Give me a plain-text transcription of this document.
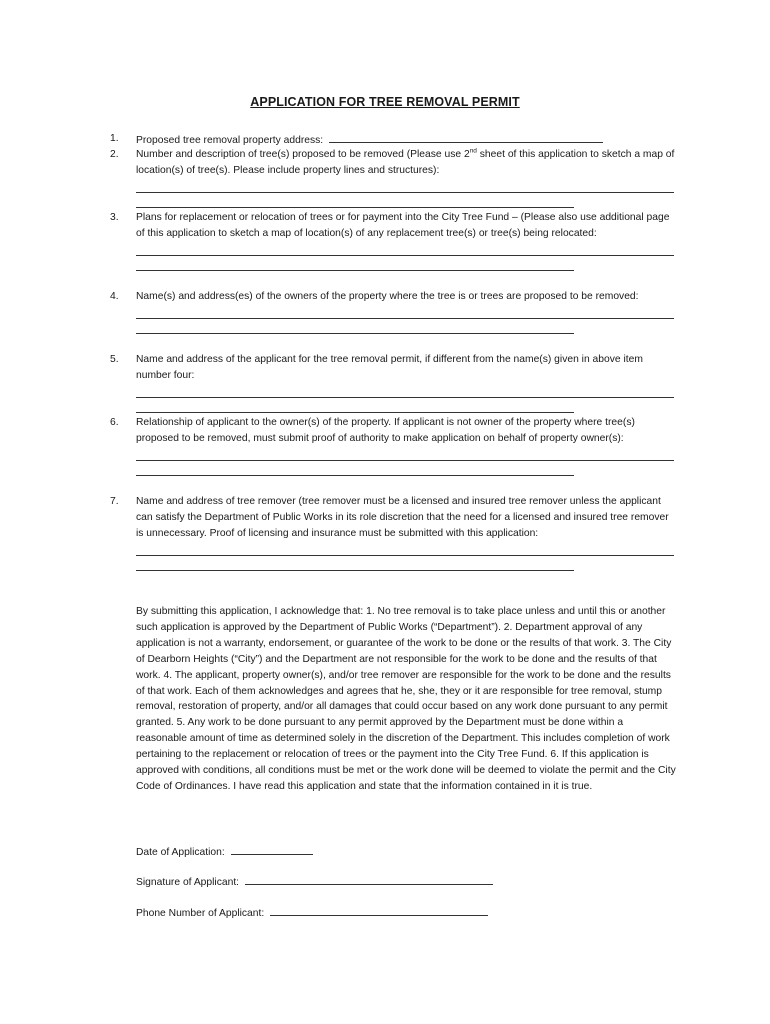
APPLICATION FOR TREE REMOVAL PERMIT
1.	Proposed tree removal property address:
2.	Number and description of tree(s) proposed to be removed (Please use 2nd sheet of this application to sketch a map of location(s) of tree(s). Please include property lines and structures):
3.	Plans for replacement or relocation of trees or for payment into the City Tree Fund – (Please also use additional page of this application to sketch a map of location(s) of any replacement tree(s) or tree(s) being relocated:
4.	Name(s) and address(es) of the owners of the property where the tree is or trees are proposed to be removed:
5.	Name and address of the applicant for the tree removal permit, if different from the name(s) given in above item number four:
6.	Relationship of applicant to the owner(s) of the property. If applicant is not owner of the property where tree(s) proposed to be removed, must submit proof of authority to make application on behalf of property owner(s):
7.	Name and address of tree remover (tree remover must be a licensed and insured tree remover unless the applicant can satisfy the Department of Public Works in its role discretion that the need for a licensed and insured tree remover is unnecessary. Proof of licensing and insurance must be submitted with this application:
By submitting this application, I acknowledge that: 1. No tree removal is to take place unless and until this or another such application is approved by the Department of Public Works (“Department”). 2. Department approval of any application is not a warranty, endorsement, or guarantee of the work to be done or the results of that work. 3. The City of Dearborn Heights (“City”) and the Department are not responsible for the work to be done and the results of that work. 4. The applicant, property owner(s), and/or tree remover are responsible for the work to be done and the results of that work. Each of them acknowledges and agrees that he, she, they or it are responsible for tree removal, stump removal, restoration of property, and/or all damages that could occur based on any work done pursuant to any permit granted. 5. Any work to be done pursuant to any permit approved by the Department must be done within a reasonable amount of time as determined solely in the discretion of the Department. This includes completion of work pertaining to the replacement or relocation of trees or the payment into the City Tree Fund. 6. If this application is approved with conditions, all conditions must be met or the work done will be deemed to violate the permit and the City Code of Ordinances. I have read this application and state that the information contained in it is true.
Date of Application:
Signature of Applicant:
Phone Number of Applicant:
